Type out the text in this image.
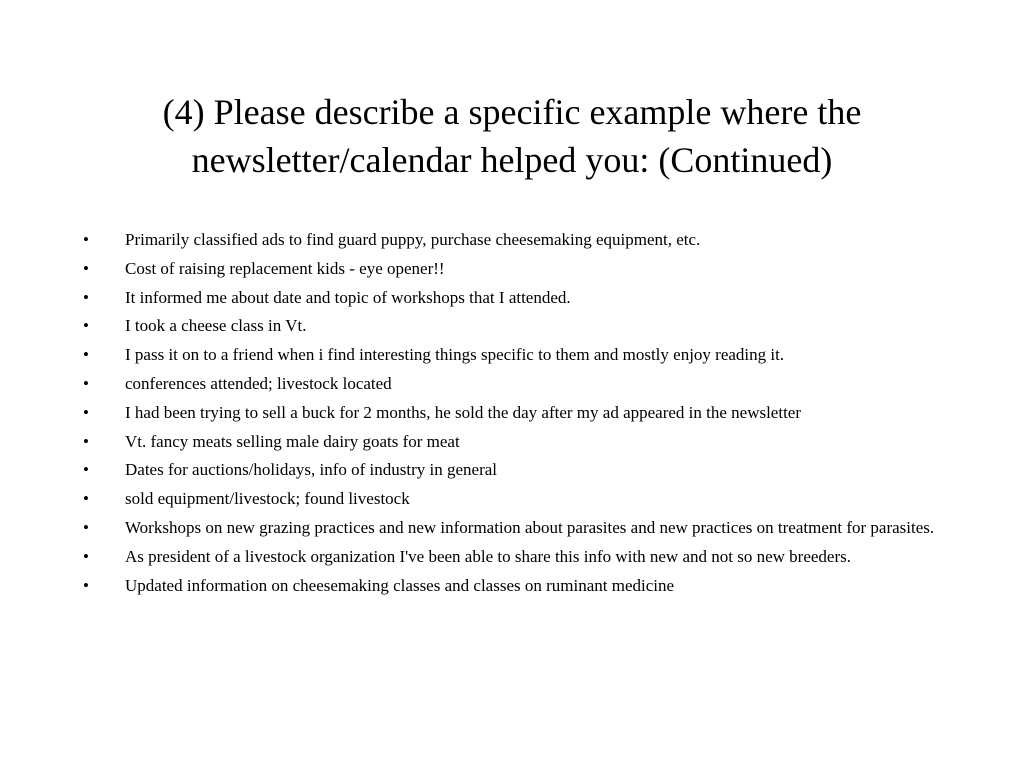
(4) Please describe a specific example where the newsletter/calendar helped you: (Continued)
•	Primarily classified ads to find guard puppy, purchase cheesemaking equipment, etc.
•	Cost of raising replacement kids - eye opener!!
•	It informed me about date and topic of workshops that I attended.
•	I took a cheese class in Vt.
•	I pass it on to a friend when i find interesting things specific to them and mostly enjoy reading it.
•	conferences attended; livestock located
•	I had been trying to sell a buck for 2 months, he sold the day after my ad appeared in the newsletter
•	Vt. fancy meats selling male dairy goats for meat
•	Dates for auctions/holidays, info of industry in general
•	sold equipment/livestock; found livestock
•	Workshops on new grazing practices and new information about parasites and new practices on treatment for parasites.
•	As president of a livestock organization I've been able to share this info with new and not so new breeders.
•	Updated information on cheesemaking classes and classes on ruminant medicine
